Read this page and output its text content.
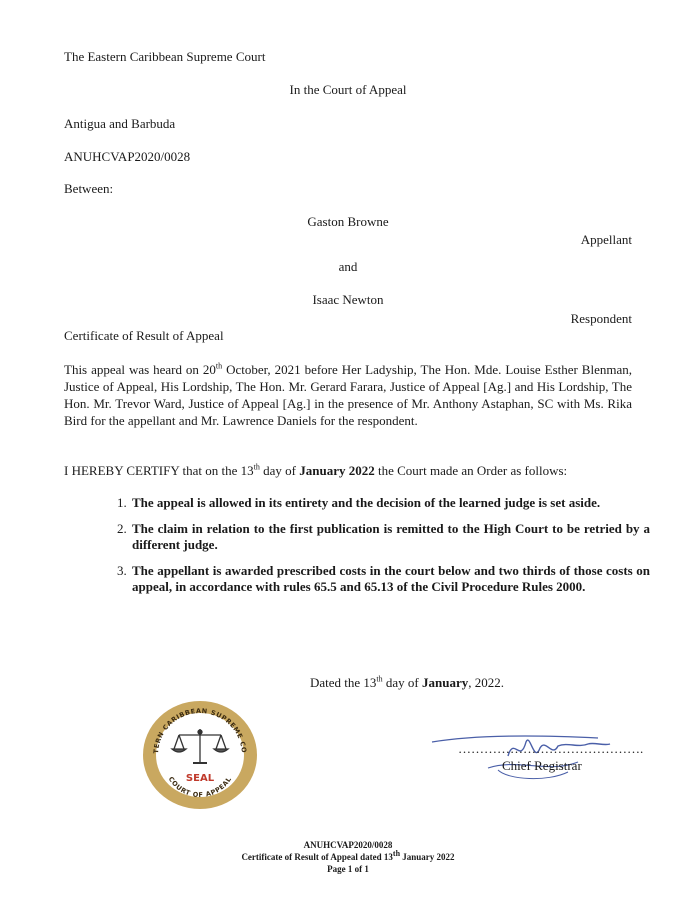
The Eastern Caribbean Supreme Court
In the Court of Appeal
Antigua and Barbuda
ANUHCVAP2020/0028
Between:
Gaston Browne
Appellant
and
Isaac Newton
Respondent
Certificate of Result of Appeal
This appeal was heard on 20th October, 2021 before Her Ladyship, The Hon. Mde. Louise Esther Blenman, Justice of Appeal, His Lordship, The Hon. Mr. Gerard Farara, Justice of Appeal [Ag.] and His Lordship, The Hon. Mr. Trevor Ward, Justice of Appeal [Ag.] in the presence of Mr. Anthony Astaphan, SC with Ms. Rika Bird for the appellant and Mr. Lawrence Daniels for the respondent.
I HEREBY CERTIFY that on the 13th day of January 2022 the Court made an Order as follows:
1. The appeal is allowed in its entirety and the decision of the learned judge is set aside.
2. The claim in relation to the first publication is remitted to the High Court to be retried by a different judge.
3. The appellant is awarded prescribed costs in the court below and two thirds of those costs on appeal, in accordance with rules 65.5 and 65.13 of the Civil Procedure Rules 2000.
Dated the 13th day of January, 2022.
TERN CARIBBEAN SUPREME CO
COURT OF APPEAL
SEAL
…………………………………….
Chief Registrar
ANUHCVAP2020/0028
Certificate of Result of Appeal dated 13th January 2022
Page 1 of 1
